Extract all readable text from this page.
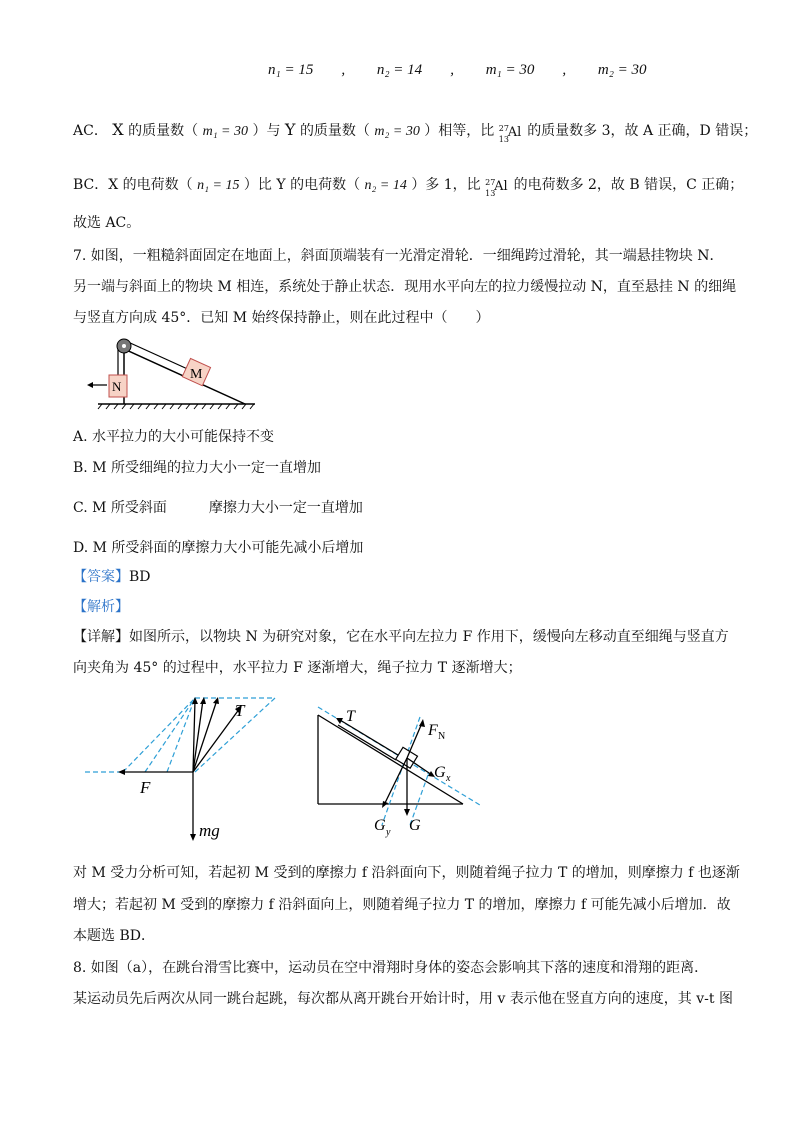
n₁ = 15 , n₂ = 14 , m₁ = 30 , m₂ = 30
AC． X 的质量数（ m₁ = 30 ）与 Y 的质量数（ m₂ = 30 ）相等，比 27
13
Al 的质量数多 3，故 A 正确，D 错误；
BC．X 的电荷数（ n₁ = 15 ）比 Y 的电荷数（ n₂ = 14 ）多 1，比 27
13
Al 的电荷数多 2，故 B 错误，C 正确；
故选 AC。
7. 如图，一粗糙斜面固定在地面上，斜面顶端装有一光滑定滑轮．一细绳跨过滑轮，其一端悬挂物块 N．
另一端与斜面上的物块 M 相连，系统处于静止状态．现用水平向左的拉力缓慢拉动 N，直至悬挂 N 的细绳
与竖直方向成 45°．已知 M 始终保持静止，则在此过程中（　　）
M
N
A. 水平拉力的大小可能保持不变
B. M 所受细绳的拉力大小一定一直增加
C. M 所受斜面　　　摩擦力大小一定一直增加
D. M 所受斜面的摩擦力大小可能先减小后增加
【答案】BD
【解析】
【详解】如图所示，以物块 N 为研究对象，它在水平向左拉力 F 作用下，缓慢向左移动直至细绳与竖直方
向夹角为 45° 的过程中，水平拉力 F 逐渐增大，绳子拉力 T 逐渐增大；
T
F
mg
T
F N
G x
G y G
对 M 受力分析可知，若起初 M 受到的摩擦力 f 沿斜面向下，则随着绳子拉力 T 的增加，则摩擦力 f 也逐渐
增大；若起初 M 受到的摩擦力 f 沿斜面向上，则随着绳子拉力 T 的增加，摩擦力 f 可能先减小后增加．故
本题选 BD．
8. 如图（a），在跳台滑雪比赛中，运动员在空中滑翔时身体的姿态会影响其下落的速度和滑翔的距离．
某运动员先后两次从同一跳台起跳，每次都从离开跳台开始计时，用 v 表示他在竖直方向的速度，其 v-t 图
